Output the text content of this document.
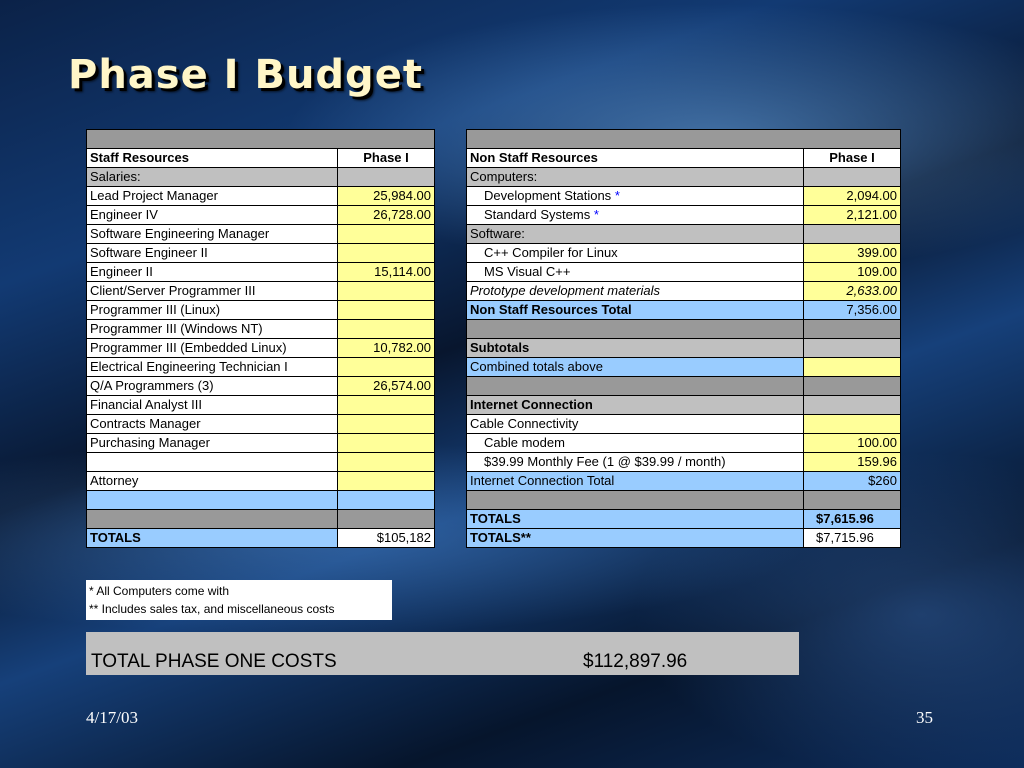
Phase I Budget

Staff Resources	Phase I
Salaries:	
Lead Project Manager	25,984.00
Engineer IV	26,728.00
Software Engineering Manager	
Software Engineer II	
Engineer II	15,114.00
Client/Server Programmer III	
Programmer III (Linux)	
Programmer III (Windows NT)	
Programmer III (Embedded Linux)	10,782.00
Electrical Engineering Technician I	
Q/A Programmers (3)	26,574.00
Financial Analyst III	
Contracts Manager	
Purchasing Manager	

Attorney	

TOTALS	$105,182

Non Staff Resources	Phase I
Computers:	
Development Stations *	2,094.00
Standard Systems *	2,121.00
Software:	
C++ Compiler for Linux	399.00
MS Visual C++	109.00
Prototype development materials	2,633.00
Non Staff Resources Total	7,356.00

Subtotals	
Combined totals above	

Internet Connection	
Cable Connectivity	
Cable modem	100.00
$39.99 Monthly Fee (1 @ $39.99 / month)	159.96
Internet Connection Total	$260

TOTALS	$7,615.96
TOTALS**	$7,715.96
* All Computers come with
** Includes sales tax, and miscellaneous costs
TOTAL PHASE ONE COSTS	$112,897.96
4/17/03	35
